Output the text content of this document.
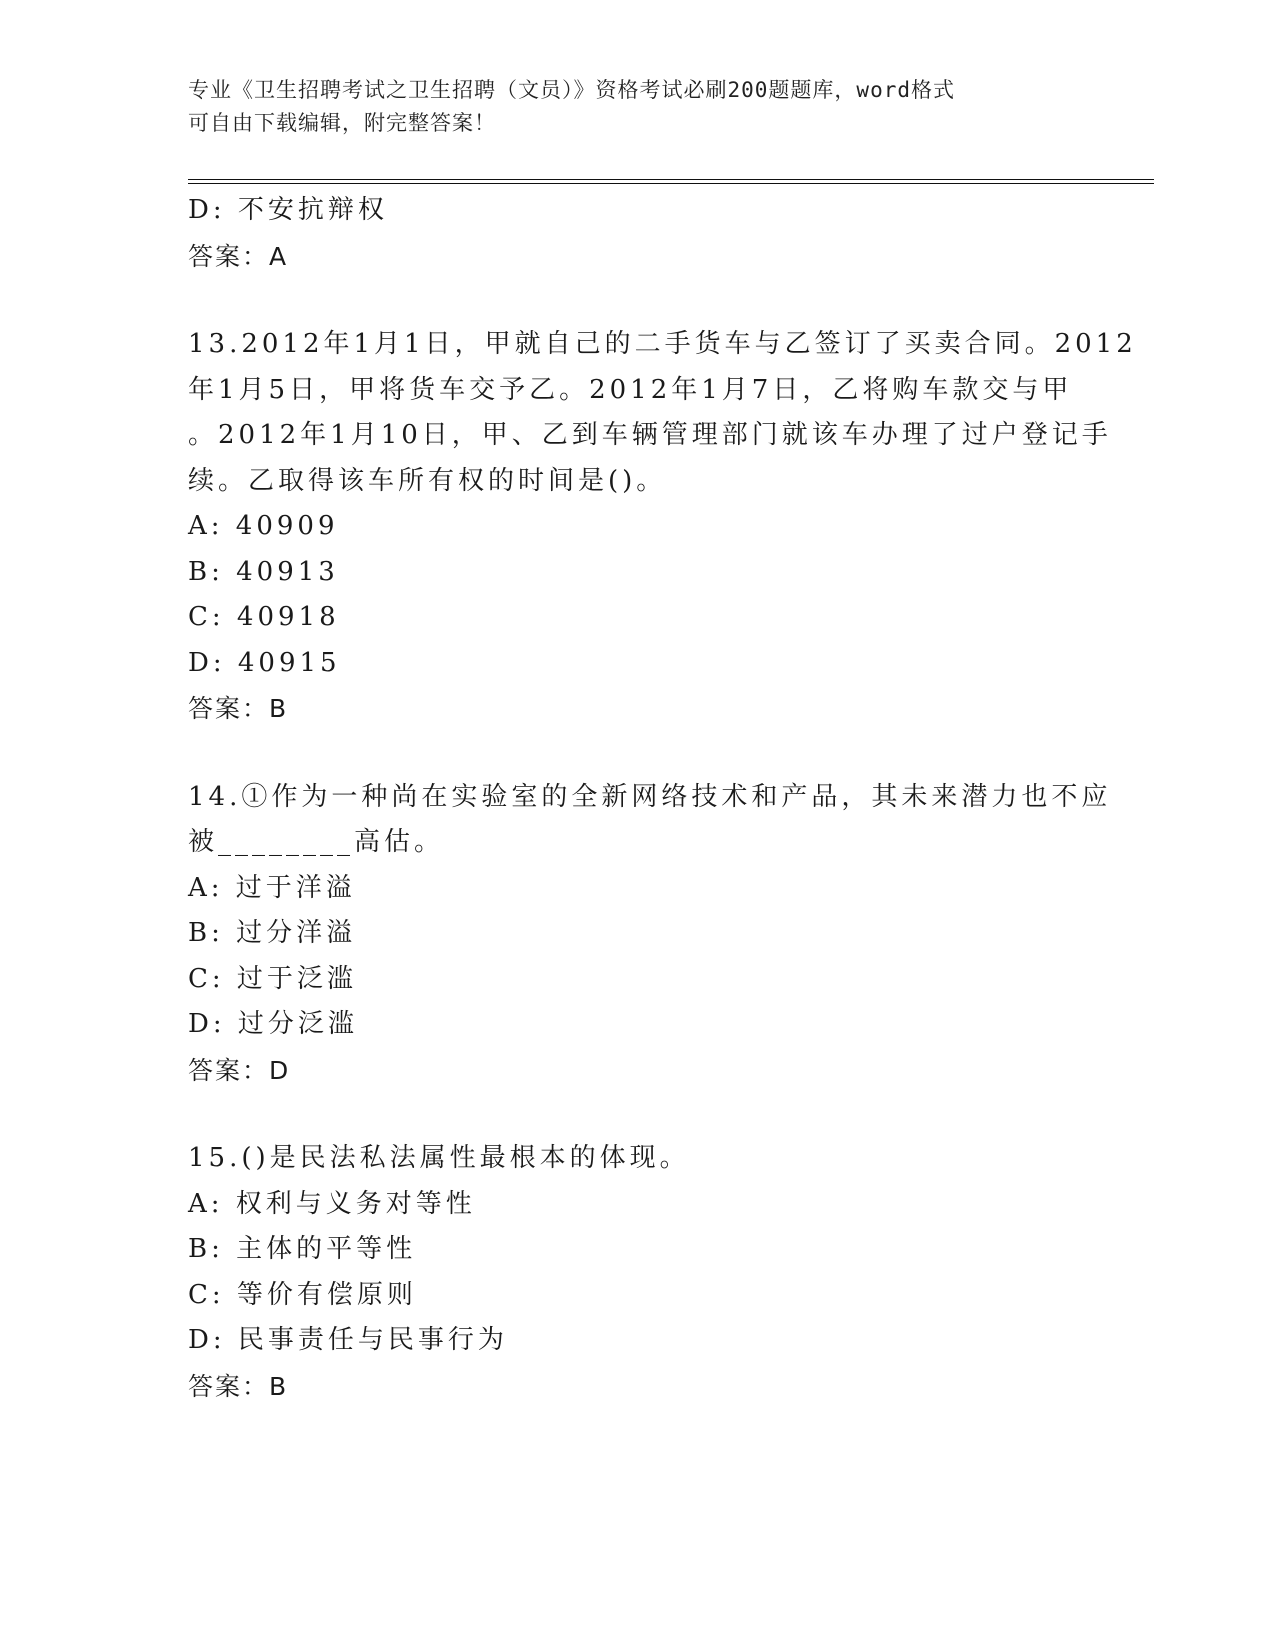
专业《卫生招聘考试之卫生招聘（文员）》资格考试必刷200题题库，word格式
可自由下载编辑，附完整答案！
D: 不安抗辩权
答案：A
13.2012年1月1日，甲就自己的二手货车与乙签订了买卖合同。2012
年1月5日，甲将货车交予乙。2012年1月7日，乙将购车款交与甲
。2012年1月10日，甲、乙到车辆管理部门就该车办理了过户登记手
续。乙取得该车所有权的时间是()。
A: 40909
B: 40913
C: 40918
D: 40915
答案：B
14.①作为一种尚在实验室的全新网络技术和产品，其未来潜力也不应
被________高估。
A: 过于洋溢
B: 过分洋溢
C: 过于泛滥
D: 过分泛滥
答案：D
15.()是民法私法属性最根本的体现。
A: 权利与义务对等性
B: 主体的平等性
C: 等价有偿原则
D: 民事责任与民事行为
答案：B
